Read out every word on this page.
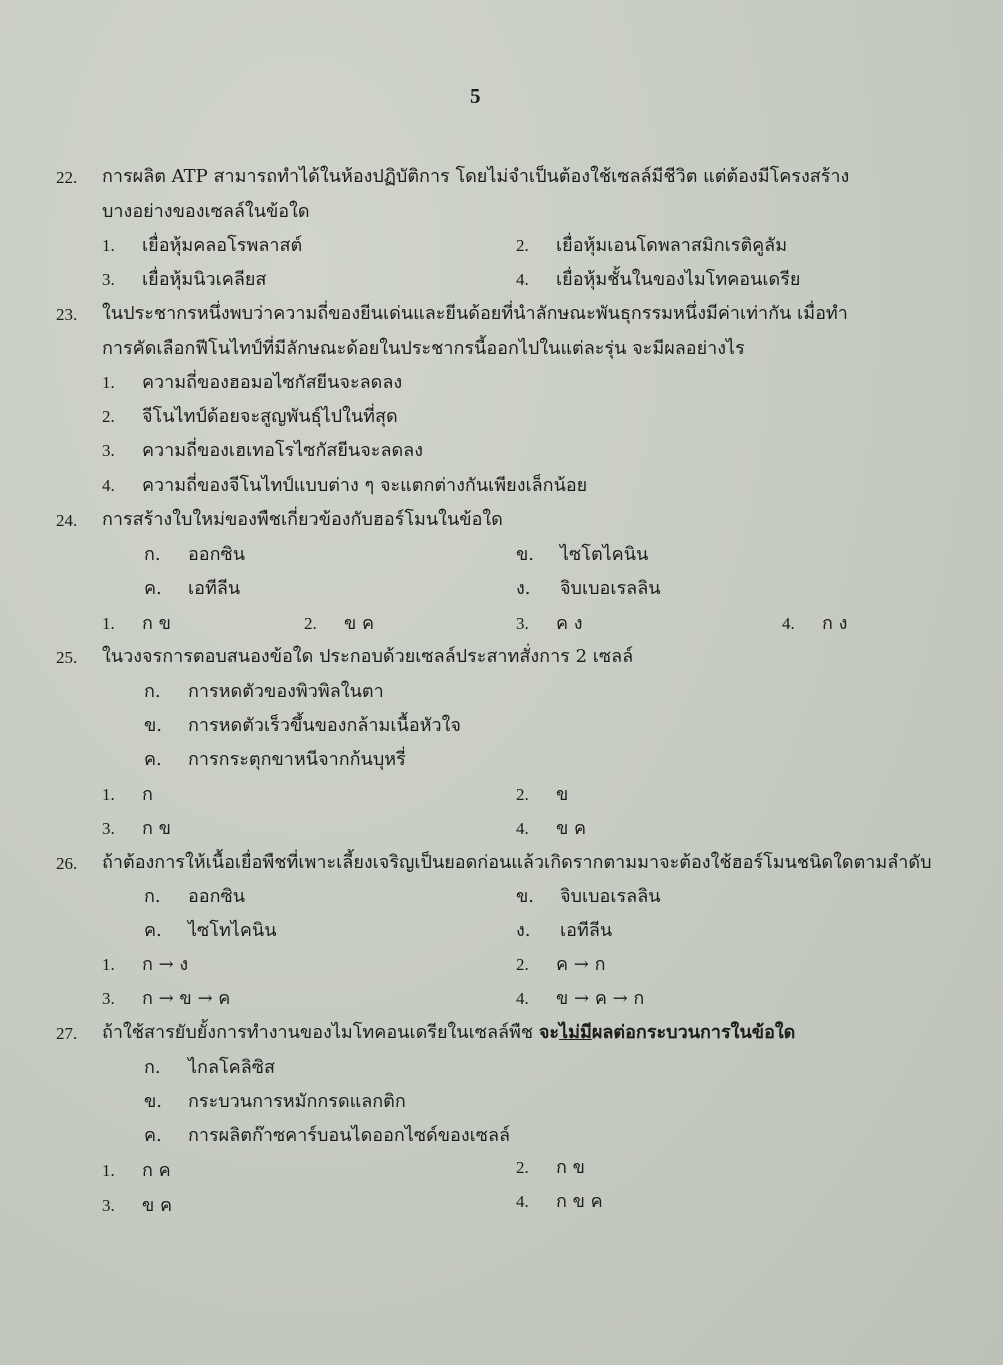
5
22. การผลิต ATP สามารถทำได้ในห้องปฏิบัติการ โดยไม่จำเป็นต้องใช้เซลล์มีชีวิต แต่ต้องมีโครงสร้าง
บางอย่างของเซลล์ในข้อใด
1. เยื่อหุ้มคลอโรพลาสต์	2. เยื่อหุ้มเอนโดพลาสมิกเรติคูลัม
3. เยื่อหุ้มนิวเคลียส	4. เยื่อหุ้มชั้นในของไมโทคอนเดรีย
23. ในประชากรหนึ่งพบว่าความถี่ของยีนเด่นและยีนด้อยที่นำลักษณะพันธุกรรมหนึ่งมีค่าเท่ากัน เมื่อทำ
การคัดเลือกฟีโนไทป์ที่มีลักษณะด้อยในประชากรนี้ออกไปในแต่ละรุ่น จะมีผลอย่างไร
1. ความถี่ของฮอมอไซกัสยีนจะลดลง
2. จีโนไทป์ด้อยจะสูญพันธุ์ไปในที่สุด
3. ความถี่ของเฮเทอโรไซกัสยีนจะลดลง
4. ความถี่ของจีโนไทป์แบบต่าง ๆ จะแตกต่างกันเพียงเล็กน้อย
24. การสร้างใบใหม่ของพืชเกี่ยวข้องกับฮอร์โมนในข้อใด
ก. ออกซิน	ข. ไซโตไคนิน
ค. เอทีลีน	ง. จิบเบอเรลลิน
1. ก ข	2. ข ค	3. ค ง	4. ก ง
25. ในวงจรการตอบสนองข้อใด ประกอบด้วยเซลล์ประสาทสั่งการ 2 เซลล์
ก. การหดตัวของพิวพิลในตา
ข. การหดตัวเร็วขึ้นของกล้ามเนื้อหัวใจ
ค. การกระตุกขาหนีจากก้นบุหรี่
1. ก	2. ข
3. ก ข	4. ข ค
26. ถ้าต้องการให้เนื้อเยื่อพืชที่เพาะเลี้ยงเจริญเป็นยอดก่อนแล้วเกิดรากตามมาจะต้องใช้ฮอร์โมนชนิดใดตามลำดับ
ก. ออกซิน	ข. จิบเบอเรลลิน
ค. ไซโทไคนิน	ง. เอทีลีน
1. ก → ง	2. ค → ก
3. ก → ข → ค	4. ข → ค → ก
27. ถ้าใช้สารยับยั้งการทำงานของไมโทคอนเดรียในเซลล์พืช จะไม่มีผลต่อกระบวนการในข้อใด
ก. ไกลโคลิซิส
ข. กระบวนการหมักกรดแลกติก
ค. การผลิตก๊าซคาร์บอนไดออกไซด์ของเซลล์
1. ก ค	2. ก ข
3. ข ค	4. ก ข ค
